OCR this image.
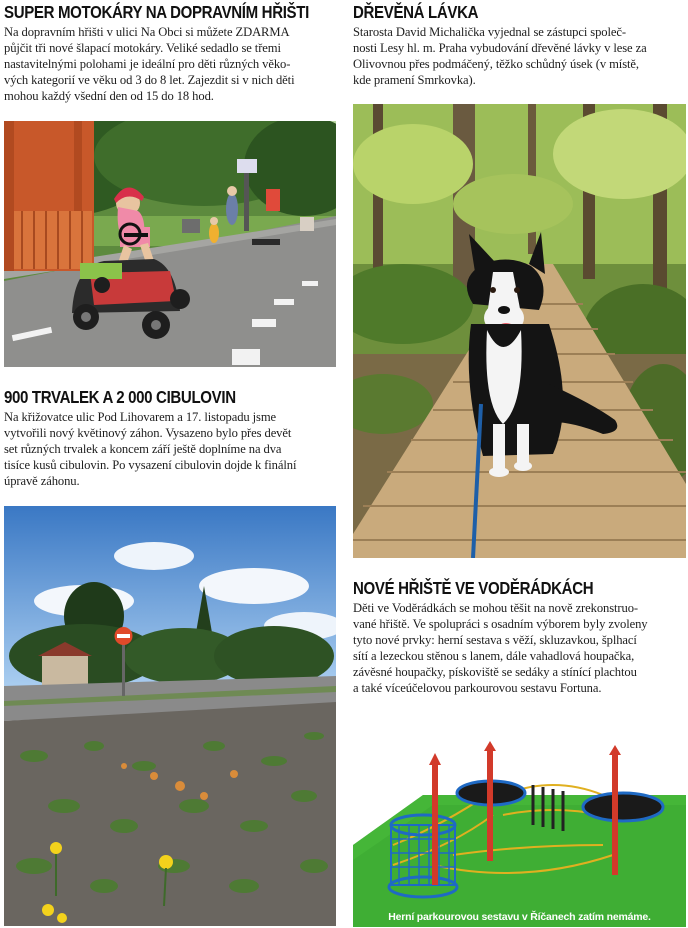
SUPER MOTOKÁRY NA DOPRAVNÍM HŘIŠTI
Na dopravním hřišti v ulici Na Obci si můžete ZDARMA
půjčit tři nové šlapací motokáry. Veliké sedadlo se třemi
nastavitelnými polohami je ideální pro děti různých věko-
vých kategorií ve věku od 3 do 8 let. Zajezdit si v nich děti
mohou každý všední den od 15 do 18 hod.
900 TRVALEK A 2 000 CIBULOVIN
Na křižovatce ulic Pod Lihovarem a 17. listopadu jsme
vytvořili nový květinový záhon. Vysazeno bylo přes devět
set různých trvalek a koncem září ještě doplníme na dva
tisíce kusů cibulovin. Po vysazení cibulovin dojde k finální
úpravě záhonu.
DŘEVĚNÁ LÁVKA
Starosta David Michalička vyjednal se zástupci společ-
nosti Lesy hl. m. Praha vybudování dřevěné lávky v lese za
Olivovnou přes podmáčený, těžko schůdný úsek (v místě,
kde pramení Smrkovka).
NOVÉ HŘIŠTĚ VE VODĚRÁDKÁCH
Děti ve Voděrádkách se mohou těšit na nově zrekonstruo-
vané hřiště. Ve spolupráci s osadním výborem byly zvoleny
tyto nové prvky: herní sestava s věží, skluzavkou, šplhací
sítí a lezeckou stěnou s lanem, dále vahadlová houpačka,
závěsné houpačky, pískoviště se sedáky a stínící plachtou
a také víceúčelovou parkourovou sestavu Fortuna.
Herní parkourovou sestavu v Říčanech zatím nemáme.
